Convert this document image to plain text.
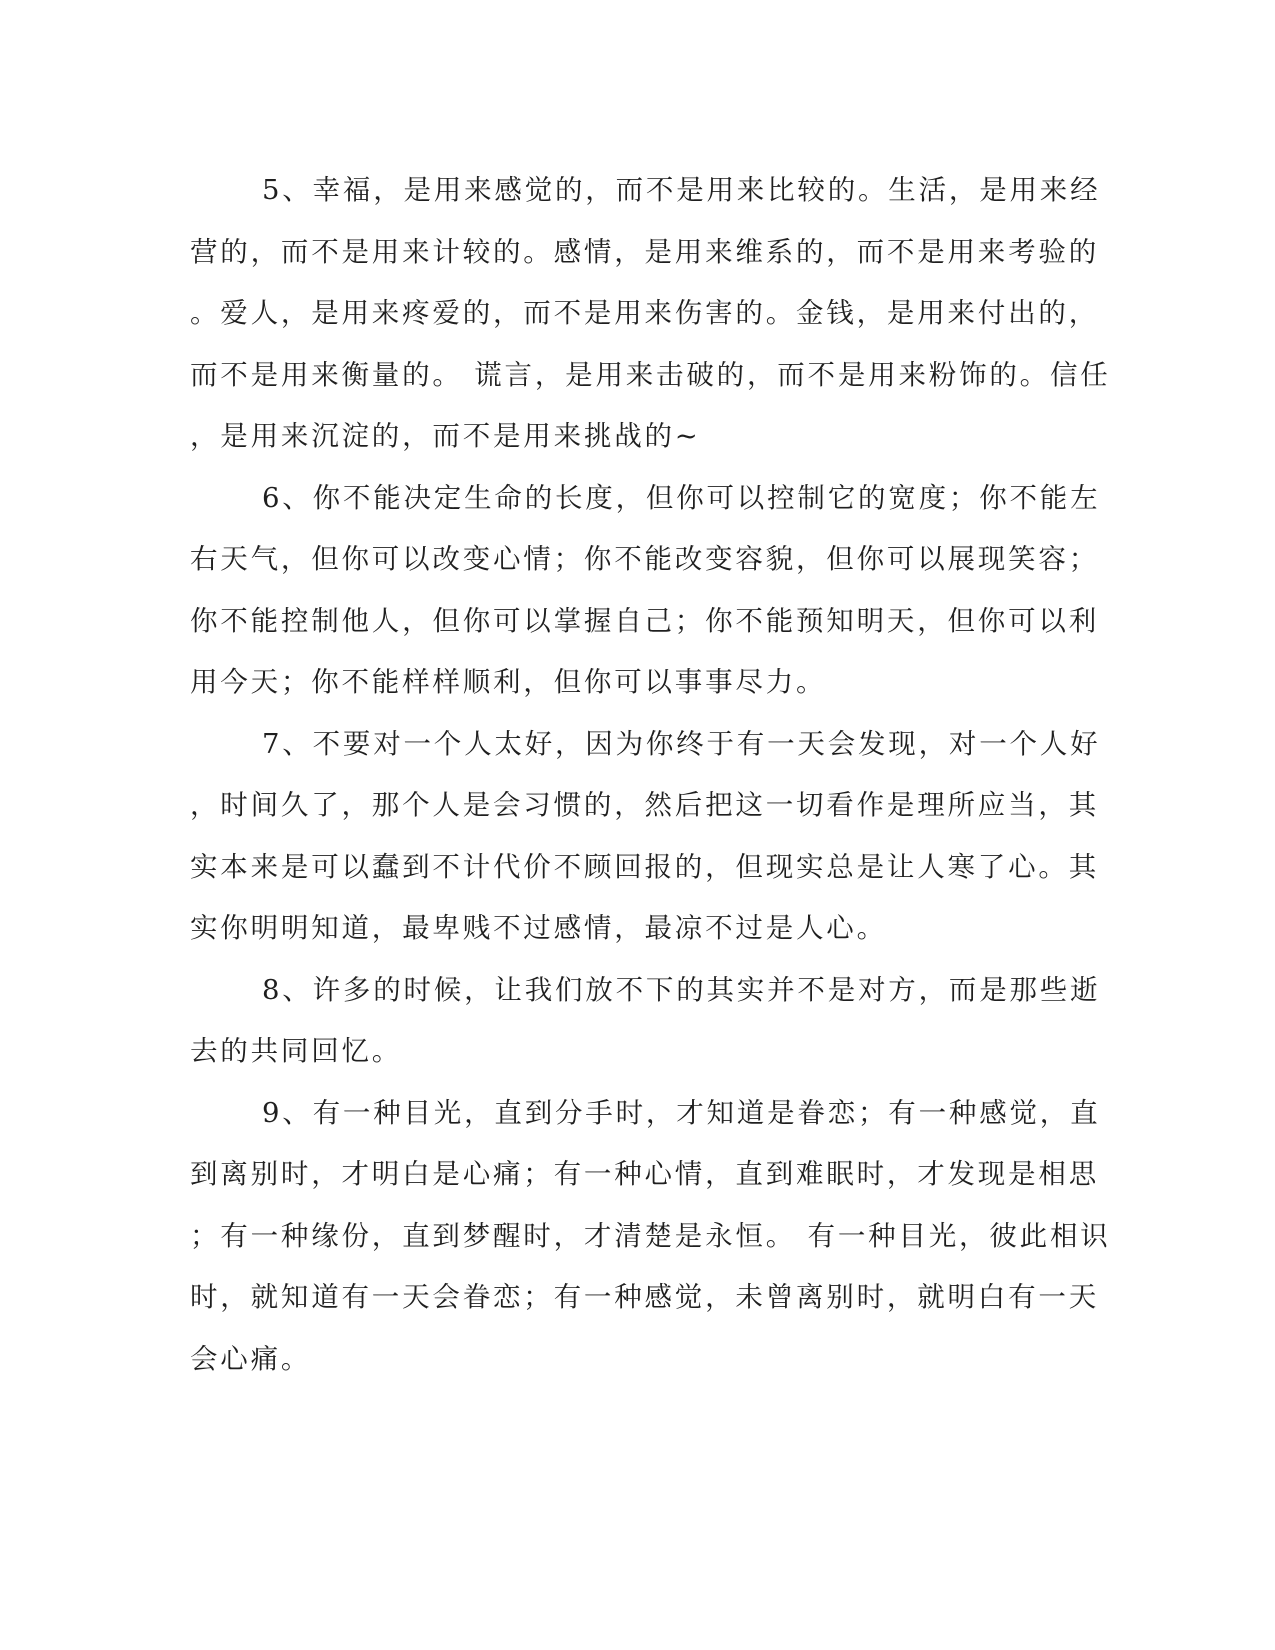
5、幸福，是用来感觉的，而不是用来比较的。生活，是用来经
营的，而不是用来计较的。感情，是用来维系的，而不是用来考验的
。爱人，是用来疼爱的，而不是用来伤害的。金钱，是用来付出的，
而不是用来衡量的。 谎言，是用来击破的，而不是用来粉饰的。信任
，是用来沉淀的，而不是用来挑战的~
6、你不能决定生命的长度，但你可以控制它的宽度；你不能左
右天气，但你可以改变心情；你不能改变容貌，但你可以展现笑容；
你不能控制他人，但你可以掌握自己；你不能预知明天，但你可以利
用今天；你不能样样顺利，但你可以事事尽力。
7、不要对一个人太好，因为你终于有一天会发现，对一个人好
，时间久了，那个人是会习惯的，然后把这一切看作是理所应当，其
实本来是可以蠢到不计代价不顾回报的，但现实总是让人寒了心。其
实你明明知道，最卑贱不过感情，最凉不过是人心。
8、许多的时候，让我们放不下的其实并不是对方，而是那些逝
去的共同回忆。
9、有一种目光，直到分手时，才知道是眷恋；有一种感觉，直
到离别时，才明白是心痛；有一种心情，直到难眠时，才发现是相思
；有一种缘份，直到梦醒时，才清楚是永恒。 有一种目光，彼此相识
时，就知道有一天会眷恋；有一种感觉，未曾离别时，就明白有一天
会心痛。
